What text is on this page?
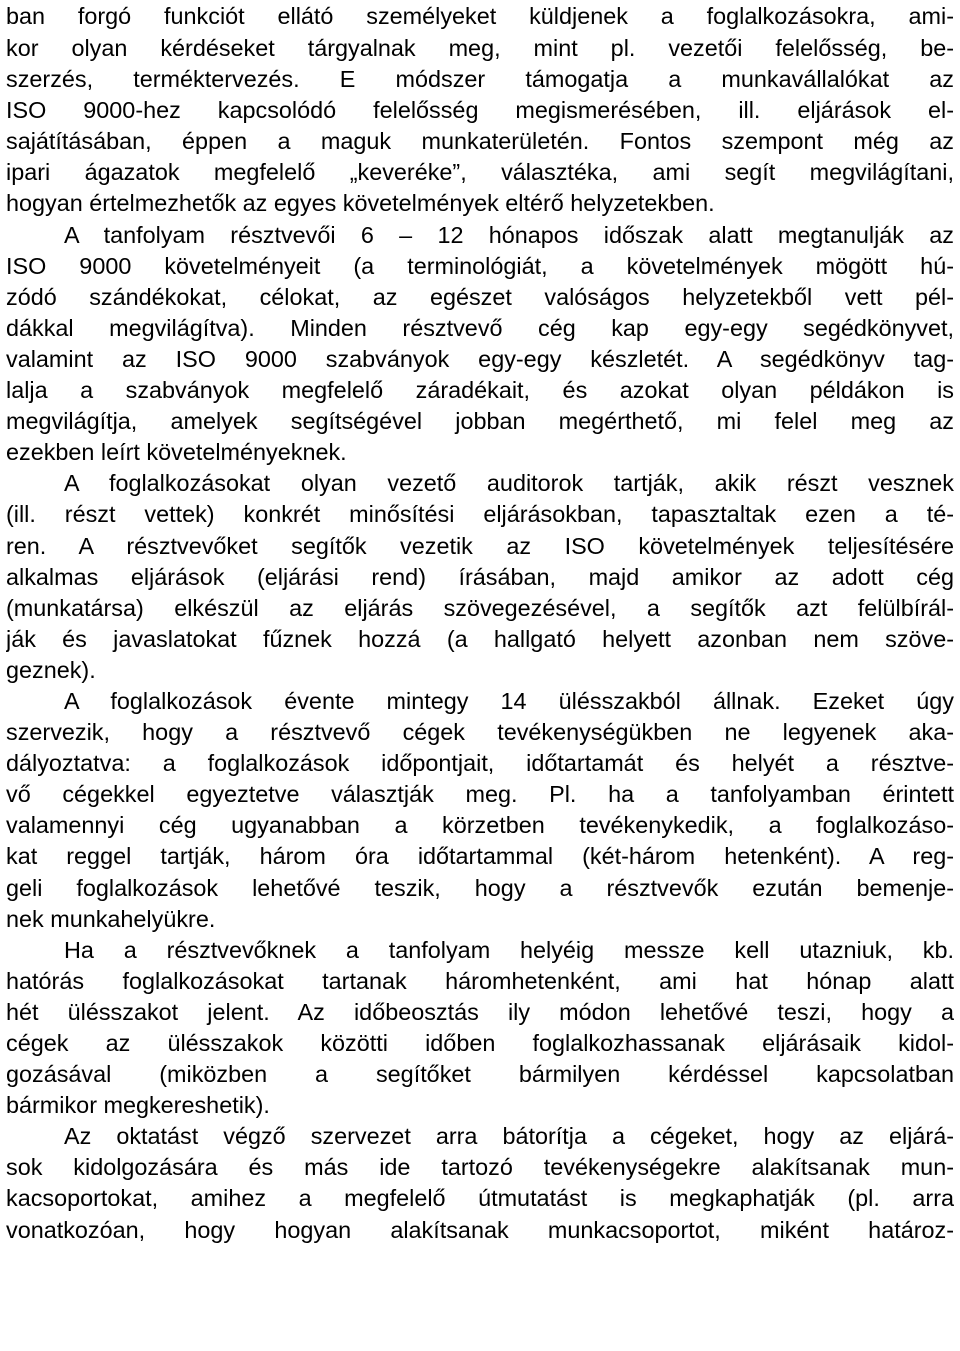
ban forgó funkciót ellátó személyeket küldjenek a foglalkozásokra, ami-
kor olyan kérdéseket tárgyalnak meg, mint pl. vezetői felelősség, be-
szerzés, terméktervezés. E módszer támogatja a munkavállalókat az
ISO 9000-hez kapcsolódó felelősség megismerésében, ill. eljárások el-
sajátításában, éppen a maguk munkaterületén. Fontos szempont még az
ipari ágazatok megfelelő „keveréke”, választéka, ami segít megvilágítani,
hogyan értelmezhetők az egyes követelmények eltérő helyzetekben.
A tanfolyam résztvevői 6 – 12 hónapos időszak alatt megtanulják az
ISO 9000 követelményeit (a terminológiát, a követelmények mögött hú-
zódó szándékokat, célokat, az egészet valóságos helyzetekből vett pél-
dákkal megvilágítva). Minden résztvevő cég kap egy-egy segédkönyvet,
valamint az ISO 9000 szabványok egy-egy készletét. A segédkönyv tag-
lalja a szabványok megfelelő záradékait, és azokat olyan példákon is
megvilágítja, amelyek segítségével jobban megérthető, mi felel meg az
ezekben leírt követelményeknek.
A foglalkozásokat olyan vezető auditorok tartják, akik részt vesznek
(ill. részt vettek) konkrét minősítési eljárásokban, tapasztaltak ezen a té-
ren. A résztvevőket segítők vezetik az ISO követelmények teljesítésére
alkalmas eljárások (eljárási rend) írásában, majd amikor az adott cég
(munkatársa) elkészül az eljárás szövegezésével, a segítők azt felülbírál-
ják és javaslatokat fűznek hozzá (a hallgató helyett azonban nem szöve-
geznek).
A foglalkozások évente mintegy 14 ülésszakból állnak. Ezeket úgy
szervezik, hogy a résztvevő cégek tevékenységükben ne legyenek aka-
dályoztatva: a foglalkozások időpontjait, időtartamát és helyét a résztve-
vő cégekkel egyeztetve választják meg. Pl. ha a tanfolyamban érintett
valamennyi cég ugyanabban a körzetben tevékenykedik, a foglalkozáso-
kat reggel tartják, három óra időtartammal (két-három hetenként). A reg-
geli foglalkozások lehetővé teszik, hogy a résztvevők ezután bemenje-
nek munkahelyükre.
Ha a résztvevőknek a tanfolyam helyéig messze kell utazniuk, kb.
hatórás foglalkozásokat tartanak háromhetenként, ami hat hónap alatt
hét ülésszakot jelent. Az időbeosztás ily módon lehetővé teszi, hogy a
cégek az ülésszakok közötti időben foglalkozhassanak eljárásaik kidol-
gozásával (miközben a segítőket bármilyen kérdéssel kapcsolatban
bármikor megkereshetik).
Az oktatást végző szervezet arra bátorítja a cégeket, hogy az eljárá-
sok kidolgozására és más ide tartozó tevékenységekre alakítsanak mun-
kacsoportokat, amihez a megfelelő útmutatást is megkaphatják (pl. arra
vonatkozóan, hogy hogyan alakítsanak munkacsoportot, miként határoz-
